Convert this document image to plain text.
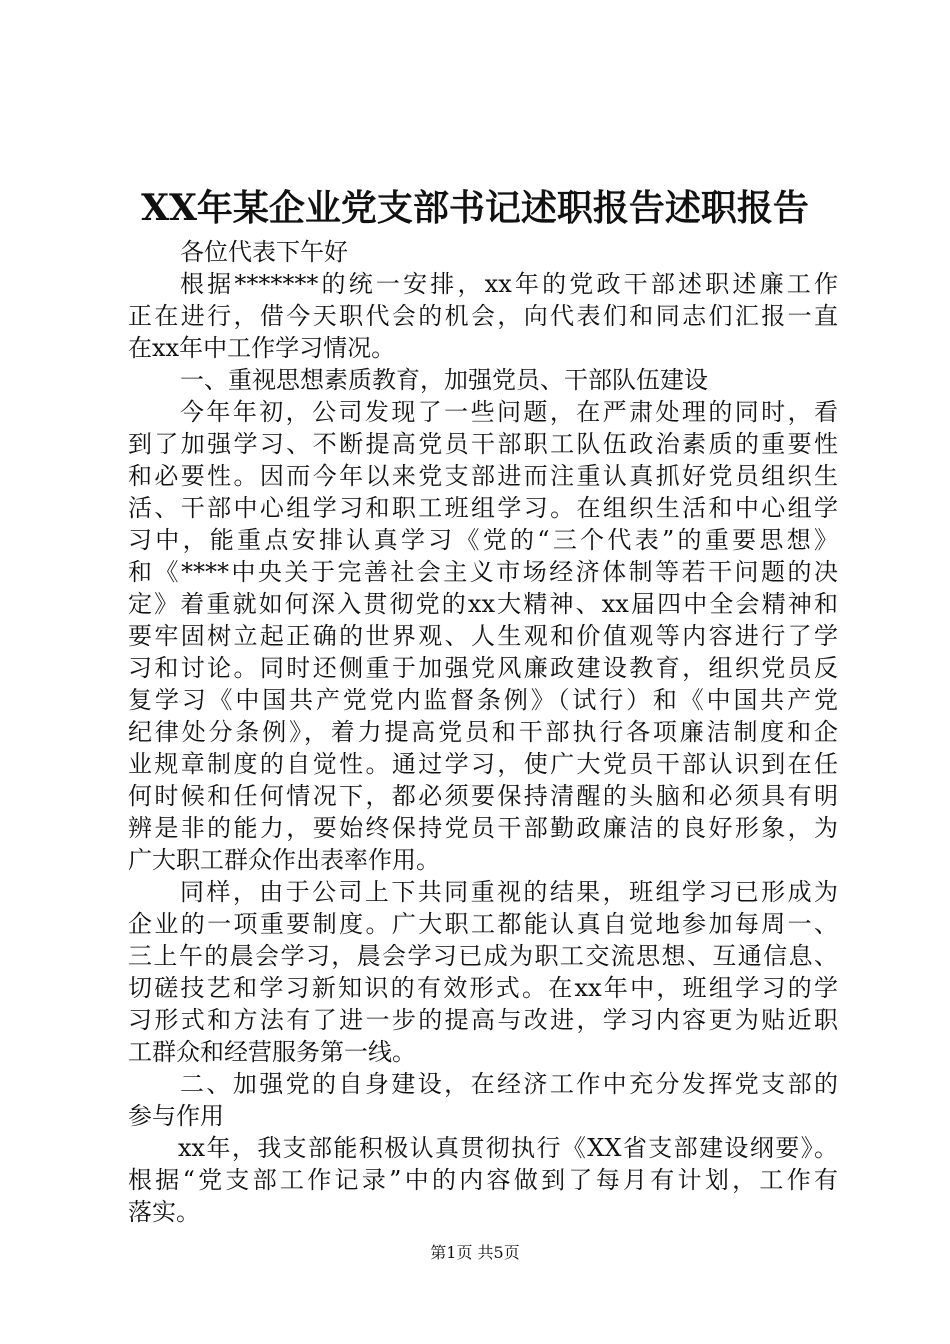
XX年某企业党支部书记述职报告述职报告
各位代表下午好
根据*******的统一安排，xx年的党政干部述职述廉工作
正在进行，借今天职代会的机会，向代表们和同志们汇报一直
在xx年中工作学习情况。
一、重视思想素质教育，加强党员、干部队伍建设
今年年初，公司发现了一些问题，在严肃处理的同时，看
到了加强学习、不断提高党员干部职工队伍政治素质的重要性
和必要性。因而今年以来党支部进而注重认真抓好党员组织生
活、干部中心组学习和职工班组学习。在组织生活和中心组学
习中，能重点安排认真学习《党的“三个代表”的重要思想》
和《****中央关于完善社会主义市场经济体制等若干问题的决
定》着重就如何深入贯彻党的xx大精神、xx届四中全会精神和
要牢固树立起正确的世界观、人生观和价值观等内容进行了学
习和讨论。同时还侧重于加强党风廉政建设教育，组织党员反
复学习《中国共产党党内监督条例》（试行）和《中国共产党
纪律处分条例》，着力提高党员和干部执行各项廉洁制度和企
业规章制度的自觉性。通过学习，使广大党员干部认识到在任
何时候和任何情况下，都必须要保持清醒的头脑和必须具有明
辨是非的能力，要始终保持党员干部勤政廉洁的良好形象，为
广大职工群众作出表率作用。
同样，由于公司上下共同重视的结果，班组学习已形成为
企业的一项重要制度。广大职工都能认真自觉地参加每周一、
三上午的晨会学习，晨会学习已成为职工交流思想、互通信息、
切磋技艺和学习新知识的有效形式。在xx年中，班组学习的学
习形式和方法有了进一步的提高与改进，学习内容更为贴近职
工群众和经营服务第一线。
二、加强党的自身建设，在经济工作中充分发挥党支部的
参与作用
xx年，我支部能积极认真贯彻执行《XX省支部建设纲要》。
根据“党支部工作记录”中的内容做到了每月有计划，工作有
落实。
第1页 共5页
